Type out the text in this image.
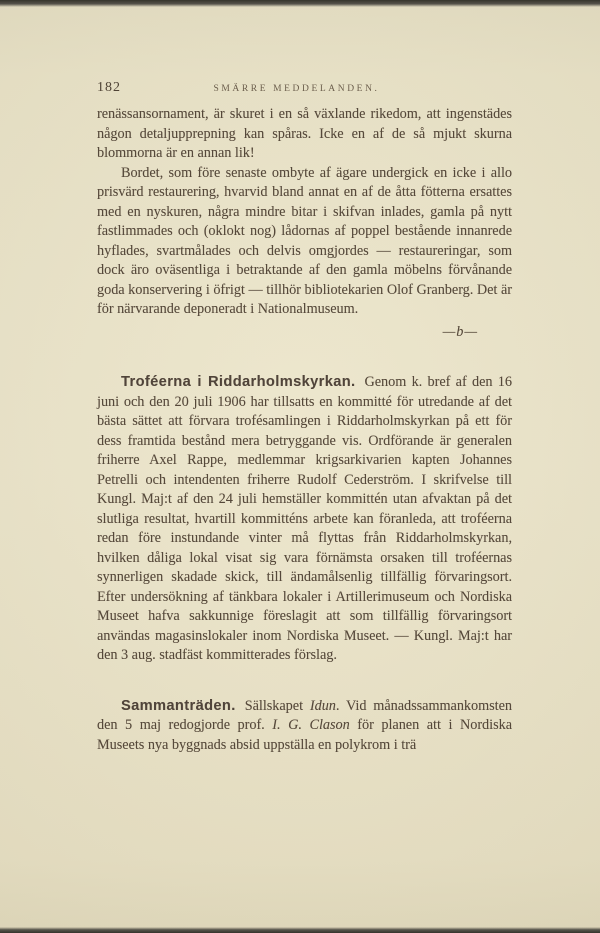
182	SMÄRRE MEDDELANDEN.

renässansornament, är skuret i en så växlande rikedom, att ingenstädes någon detaljupprepning kan spåras. Icke en af de så mjukt skurna blommorna är en annan lik!

Bordet, som före senaste ombyte af ägare undergick en icke i allo prisvärd restaurering, hvarvid bland annat en af de åtta fötterna ersattes med en nyskuren, några mindre bitar i skifvan inlades, gamla på nytt fastlimmades och (oklokt nog) lådornas af poppel bestående innanrede hyflades, svartmålades och delvis omgjordes — restaureringar, som dock äro oväsentliga i betraktande af den gamla möbelns förvånande goda konservering i öfrigt — tillhör bibliotekarien Olof Granberg. Det är för närvarande deponeradt i Nationalmuseum.

—b—

Troféerna i Riddarholmskyrkan. Genom k. bref af den 16 juni och den 20 juli 1906 har tillsatts en kommitté för utredande af det bästa sättet att förvara trofésamlingen i Riddarholmskyrkan på ett för dess framtida bestånd mera betryggande vis. Ordförande är generalen friherre Axel Rappe, medlemmar krigsarkivarien kapten Johannes Petrelli och intendenten friherre Rudolf Cederström. I skrifvelse till Kungl. Maj:t af den 24 juli hemställer kommittén utan afvaktan på det slutliga resultat, hvartill kommitténs arbete kan föranleda, att troféerna redan före instundande vinter må flyttas från Riddarholmskyrkan, hvilken dåliga lokal visat sig vara förnämsta orsaken till troféernas synnerligen skadade skick, till ändamålsenlig tillfällig förvaringsort. Efter undersökning af tänkbara lokaler i Artillerimuseum och Nordiska Museet hafva sakkunnige föreslagit att som tillfällig förvaringsort användas magasinslokaler inom Nordiska Museet. — Kungl. Maj:t har den 3 aug. stadfäst kommitterades förslag.

Sammanträden. Sällskapet Idun. Vid månadssammankomsten den 5 maj redogjorde prof. I. G. Clason för planen att i Nordiska Museets nya byggnads absid uppställa en polykrom i trä
